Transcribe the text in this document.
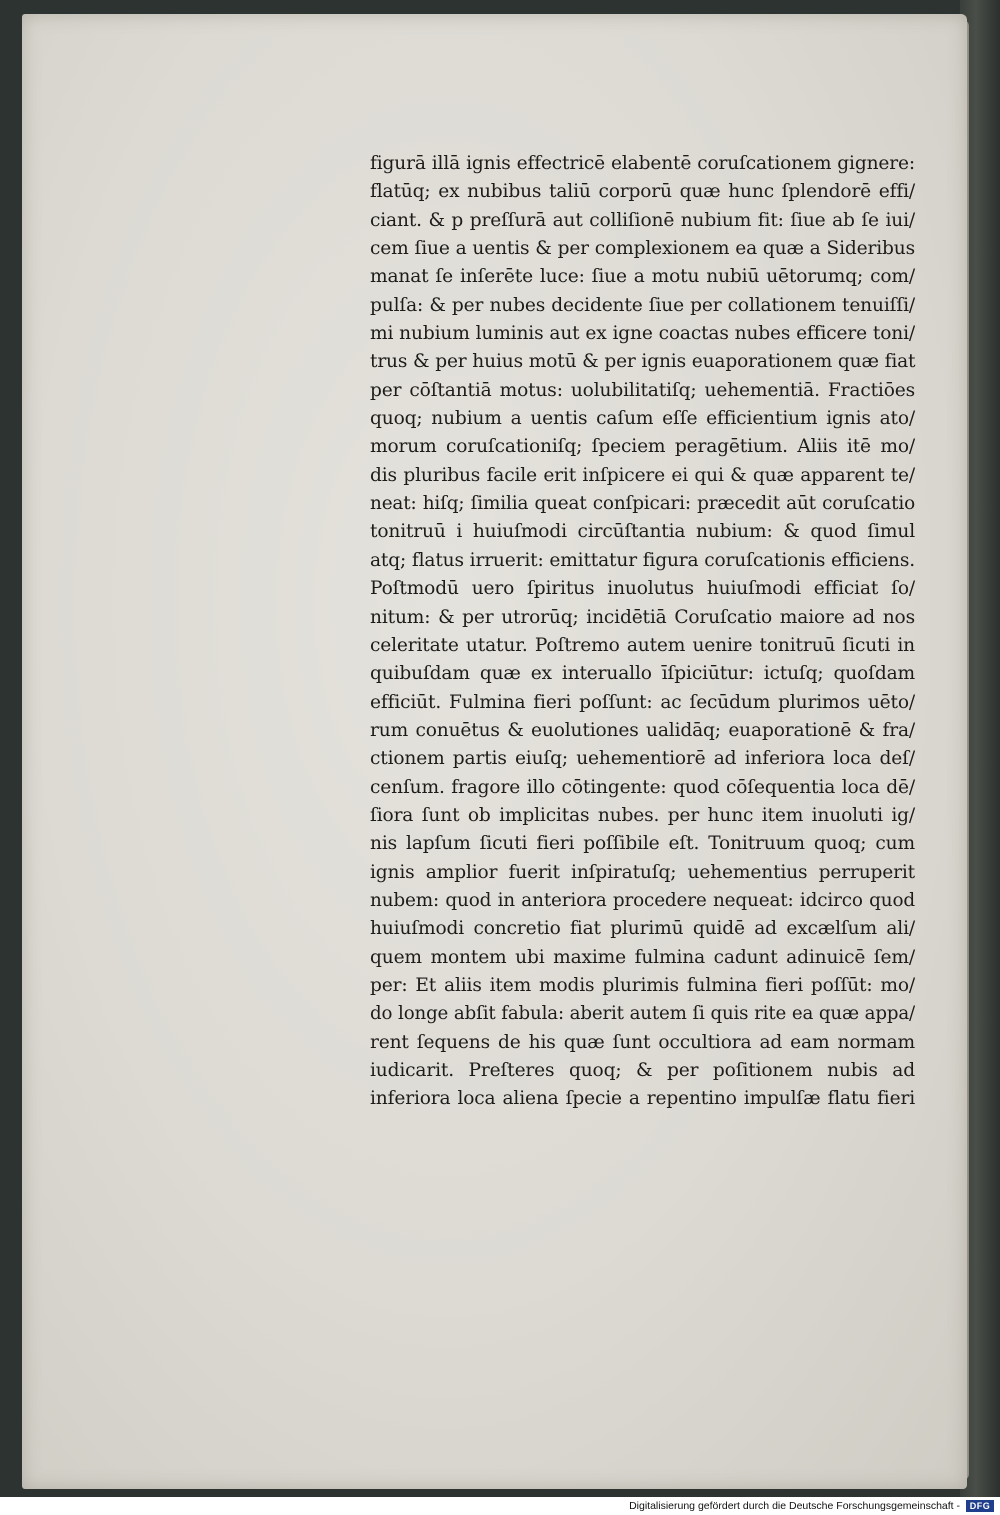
figurā illā ignis effectricē elabentē coruſcationem gignere:
flatūq; ex nubibus taliū corporū quæ hunc ſplendorē effi/
ciant. & p preſſurā aut colliſionē nubium fit: ſiue ab ſe iui/
cem ſiue a uentis & per complexionem ea quæ a Sideribus
manat ſe inſerēte luce: ſiue a motu nubiū uētorumq; com/
pulſa: & per nubes decidente ſiue per collationem tenuiſſi/
mi nubium luminis aut ex igne coactas nubes efficere toni/
trus & per huius motū & per ignis euaporationem quæ fiat
per cōſtantiā motus: uolubilitatiſq; uehementiā. Fractiōes
quoq; nubium a uentis caſum eſſe efficientium ignis ato/
morum coruſcationiſq; ſpeciem peragētium. Aliis itē mo/
dis pluribus facile erit inſpicere ei qui & quæ apparent te/
neat: hiſq; ſimilia queat conſpicari: præcedit aūt coruſcatio
tonitruū i huiuſmodi circūſtantia nubium: & quod ſimul
atq; flatus irruerit: emittatur figura coruſcationis efficiens.
Poſtmodū uero ſpiritus inuolutus huiuſmodi efficiat ſo/
nitum: & per utrorūq; incidētiā Coruſcatio maiore ad nos
celeritate utatur. Poſtremo autem uenire tonitruū ſicuti in
quibuſdam quæ ex interuallo īſpiciūtur: ictuſq; quoſdam
efficiūt. Fulmina fieri poſſunt: ac ſecūdum plurimos uēto/
rum conuētus & euolutiones ualidāq; euaporationē & fra/
ctionem partis eiuſq; uehementiorē ad inferiora loca deſ/
cenſum. fragore illo cōtingente: quod cōſequentia loca dē/
ſiora ſunt ob implicitas nubes. per hunc item inuoluti ig/
nis lapſum ſicuti fieri poſſibile eſt. Tonitruum quoq; cum
ignis amplior fuerit inſpiratuſq; uehementius perruperit
nubem: quod in anteriora procedere nequeat: idcirco quod
huiuſmodi concretio fiat plurimū quidē ad excælſum ali/
quem montem ubi maxime fulmina cadunt adinuicē ſem/
per: Et aliis item modis plurimis fulmina fieri poſſūt: mo/
do longe abſit fabula: aberit autem ſi quis rite ea quæ appa/
rent ſequens de his quæ ſunt occultiora ad eam normam
iudicarit. Preſteres quoq; & per poſitionem nubis ad
inferiora loca aliena ſpecie a repentino impulſæ flatu fieri
Digitalisierung gefördert durch die Deutsche Forschungsgemeinschaft -	DFG
